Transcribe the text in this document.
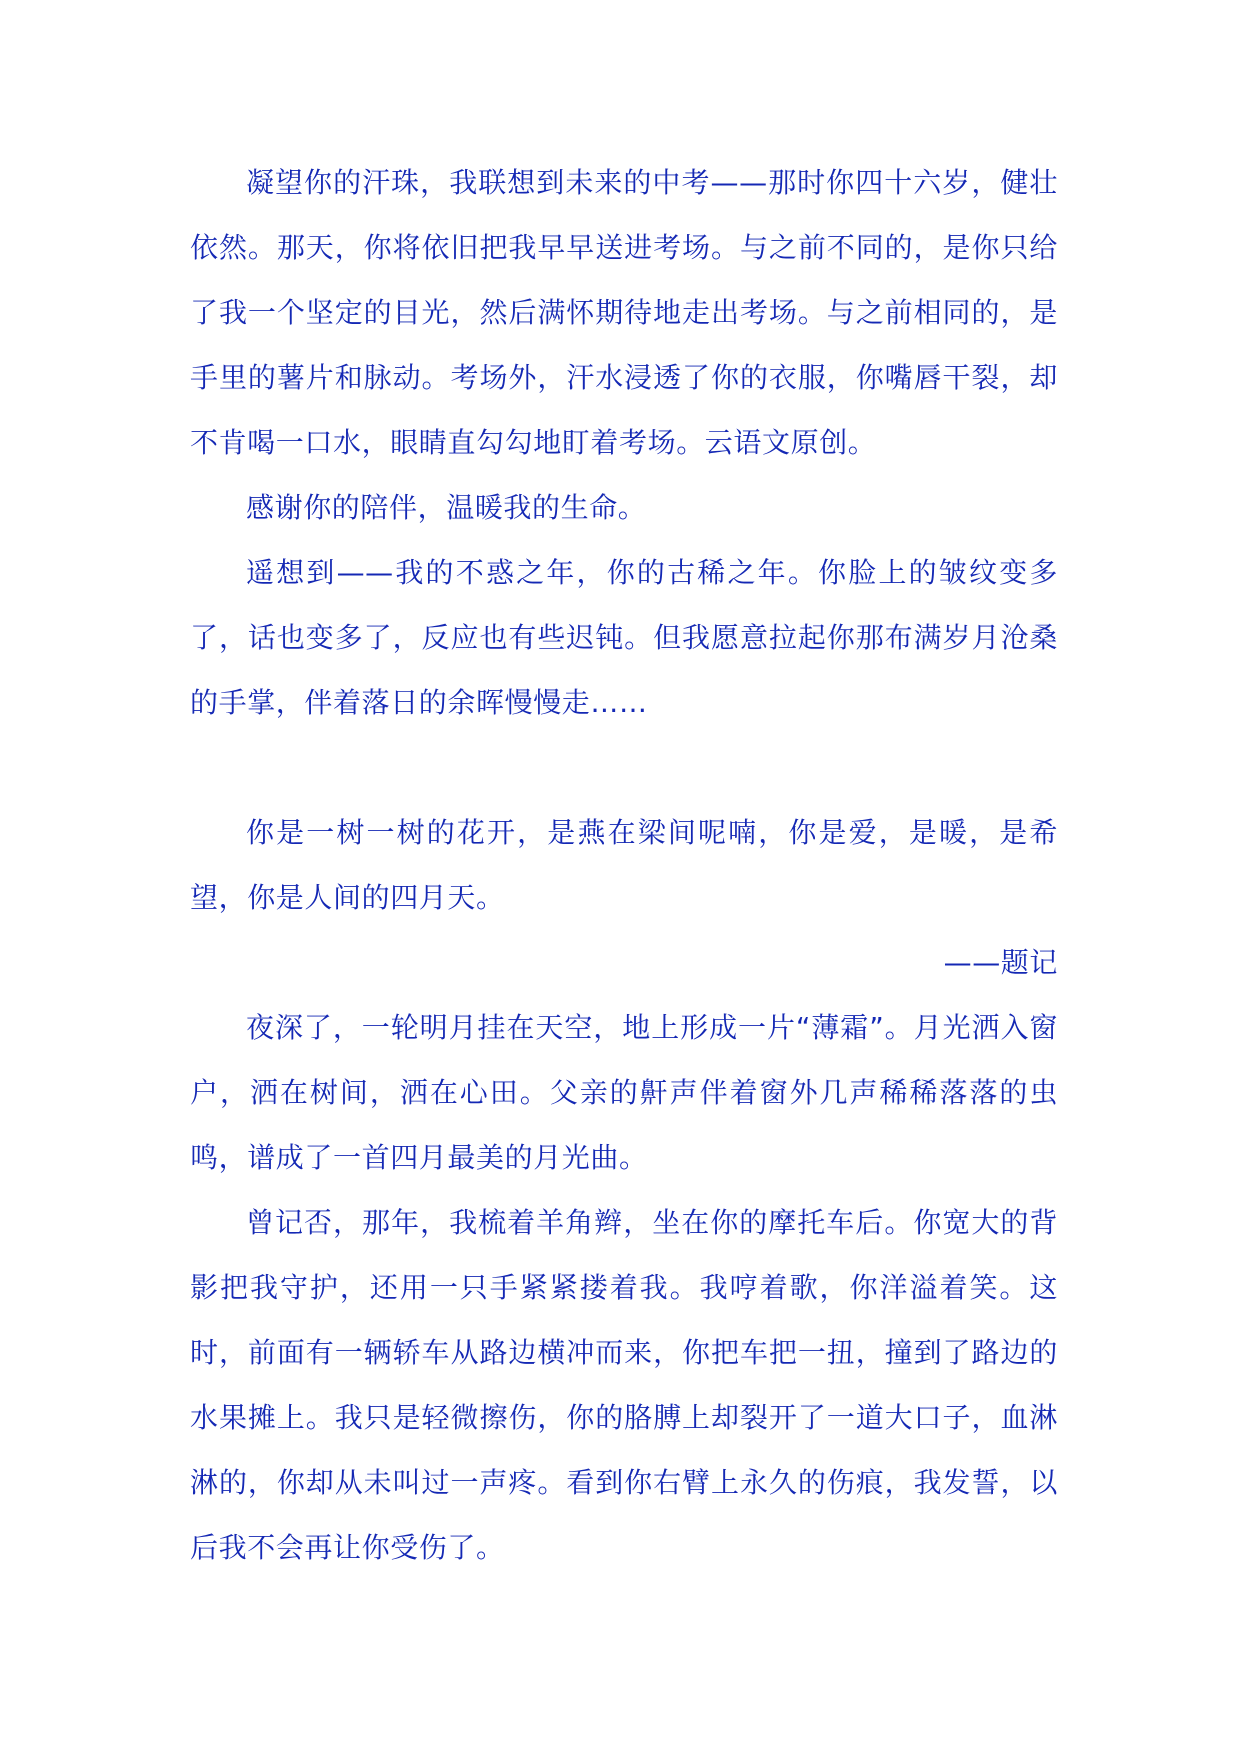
凝望你的汗珠，我联想到未来的中考——那时你四十六岁，健壮依然。那天，你将依旧把我早早送进考场。与之前不同的，是你只给了我一个坚定的目光，然后满怀期待地走出考场。与之前相同的，是手里的薯片和脉动。考场外，汗水浸透了你的衣服，你嘴唇干裂，却不肯喝一口水，眼睛直勾勾地盯着考场。云语文原创。

感谢你的陪伴，温暖我的生命。

遥想到——我的不惑之年，你的古稀之年。你脸上的皱纹变多了，话也变多了，反应也有些迟钝。但我愿意拉起你那布满岁月沧桑的手掌，伴着落日的余晖慢慢走……

你是一树一树的花开，是燕在梁间呢喃，你是爱，是暖，是希望，你是人间的四月天。

——题记

夜深了，一轮明月挂在天空，地上形成一片“薄霜”。月光洒入窗户，洒在树间，洒在心田。父亲的鼾声伴着窗外几声稀稀落落的虫鸣，谱成了一首四月最美的月光曲。

曾记否，那年，我梳着羊角辫，坐在你的摩托车后。你宽大的背影把我守护，还用一只手紧紧搂着我。我哼着歌，你洋溢着笑。这时，前面有一辆轿车从路边横冲而来，你把车把一扭，撞到了路边的水果摊上。我只是轻微擦伤，你的胳膊上却裂开了一道大口子，血淋淋的，你却从未叫过一声疼。看到你右臂上永久的伤痕，我发誓，以后我不会再让你受伤了。
